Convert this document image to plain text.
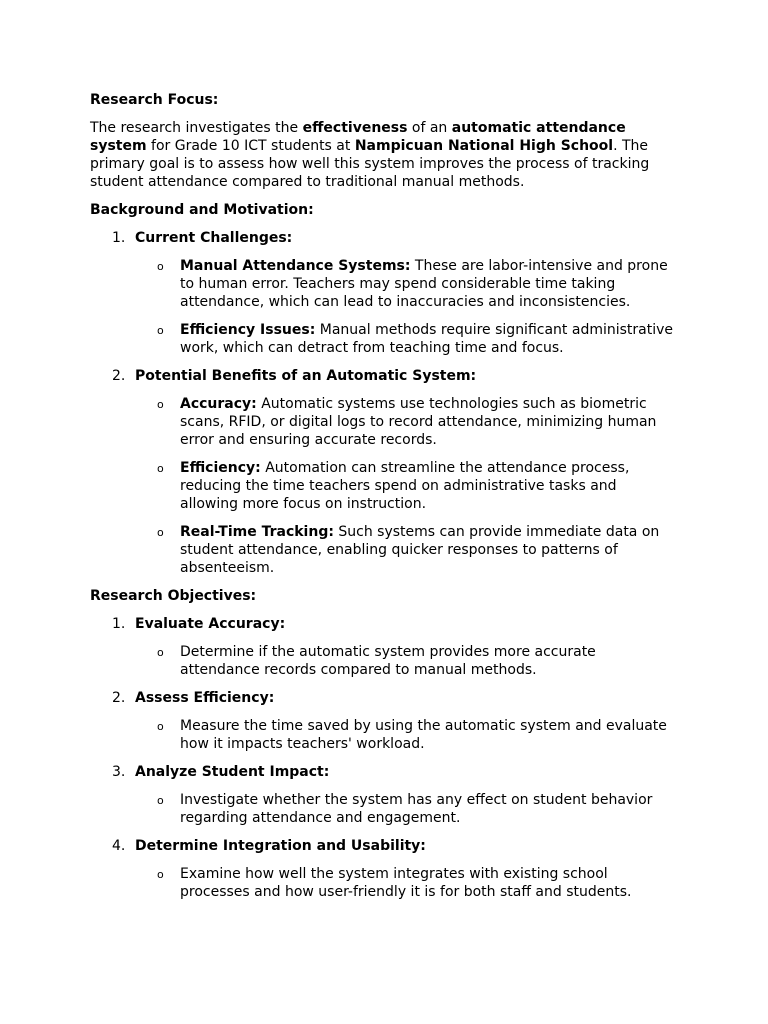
Research Focus:

The research investigates the effectiveness of an automatic attendance system for Grade 10 ICT students at Nampicuan National High School. The primary goal is to assess how well this system improves the process of tracking student attendance compared to traditional manual methods.

Background and Motivation:

1. Current Challenges:
o Manual Attendance Systems: These are labor-intensive and prone to human error. Teachers may spend considerable time taking attendance, which can lead to inaccuracies and inconsistencies.
o Efficiency Issues: Manual methods require significant administrative work, which can detract from teaching time and focus.
2. Potential Benefits of an Automatic System:
o Accuracy: Automatic systems use technologies such as biometric scans, RFID, or digital logs to record attendance, minimizing human error and ensuring accurate records.
o Efficiency: Automation can streamline the attendance process, reducing the time teachers spend on administrative tasks and allowing more focus on instruction.
o Real-Time Tracking: Such systems can provide immediate data on student attendance, enabling quicker responses to patterns of absenteeism.

Research Objectives:

1. Evaluate Accuracy:
o Determine if the automatic system provides more accurate attendance records compared to manual methods.
2. Assess Efficiency:
o Measure the time saved by using the automatic system and evaluate how it impacts teachers' workload.
3. Analyze Student Impact:
o Investigate whether the system has any effect on student behavior regarding attendance and engagement.
4. Determine Integration and Usability:
o Examine how well the system integrates with existing school processes and how user-friendly it is for both staff and students.
